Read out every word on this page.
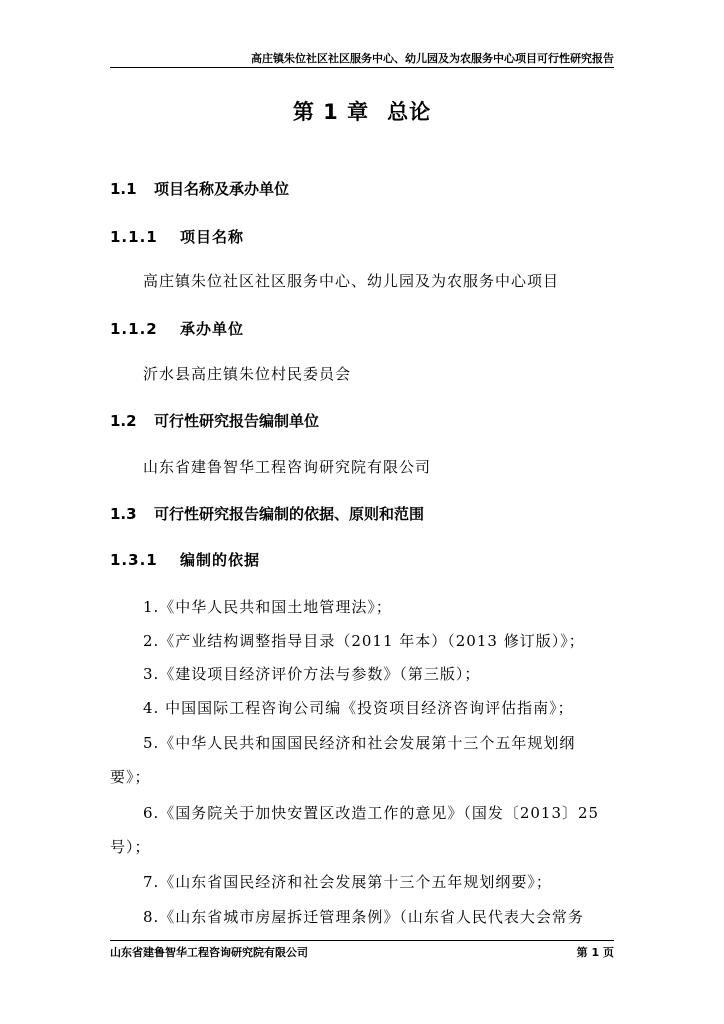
高庄镇朱位社区社区服务中心、幼儿园及为农服务中心项目可行性研究报告
第 1 章 总论
1.1 项目名称及承办单位
1.1.1 项目名称
高庄镇朱位社区社区服务中心、幼儿园及为农服务中心项目
1.1.2 承办单位
沂水县高庄镇朱位村民委员会
1.2 可行性研究报告编制单位
山东省建鲁智华工程咨询研究院有限公司
1.3 可行性研究报告编制的依据、原则和范围
1.3.1 编制的依据
1.《中华人民共和国土地管理法》；
2.《产业结构调整指导目录（2011 年本）（2013 修订版）》；
3.《建设项目经济评价方法与参数》（第三版）；
4. 中国国际工程咨询公司编《投资项目经济咨询评估指南》；
5.《中华人民共和国国民经济和社会发展第十三个五年规划纲
要》；
6.《国务院关于加快安置区改造工作的意见》（国发〔2013〕25
号）；
7.《山东省国民经济和社会发展第十三个五年规划纲要》；
8.《山东省城市房屋拆迁管理条例》（山东省人民代表大会常务
山东省建鲁智华工程咨询研究院有限公司	第 1 页
